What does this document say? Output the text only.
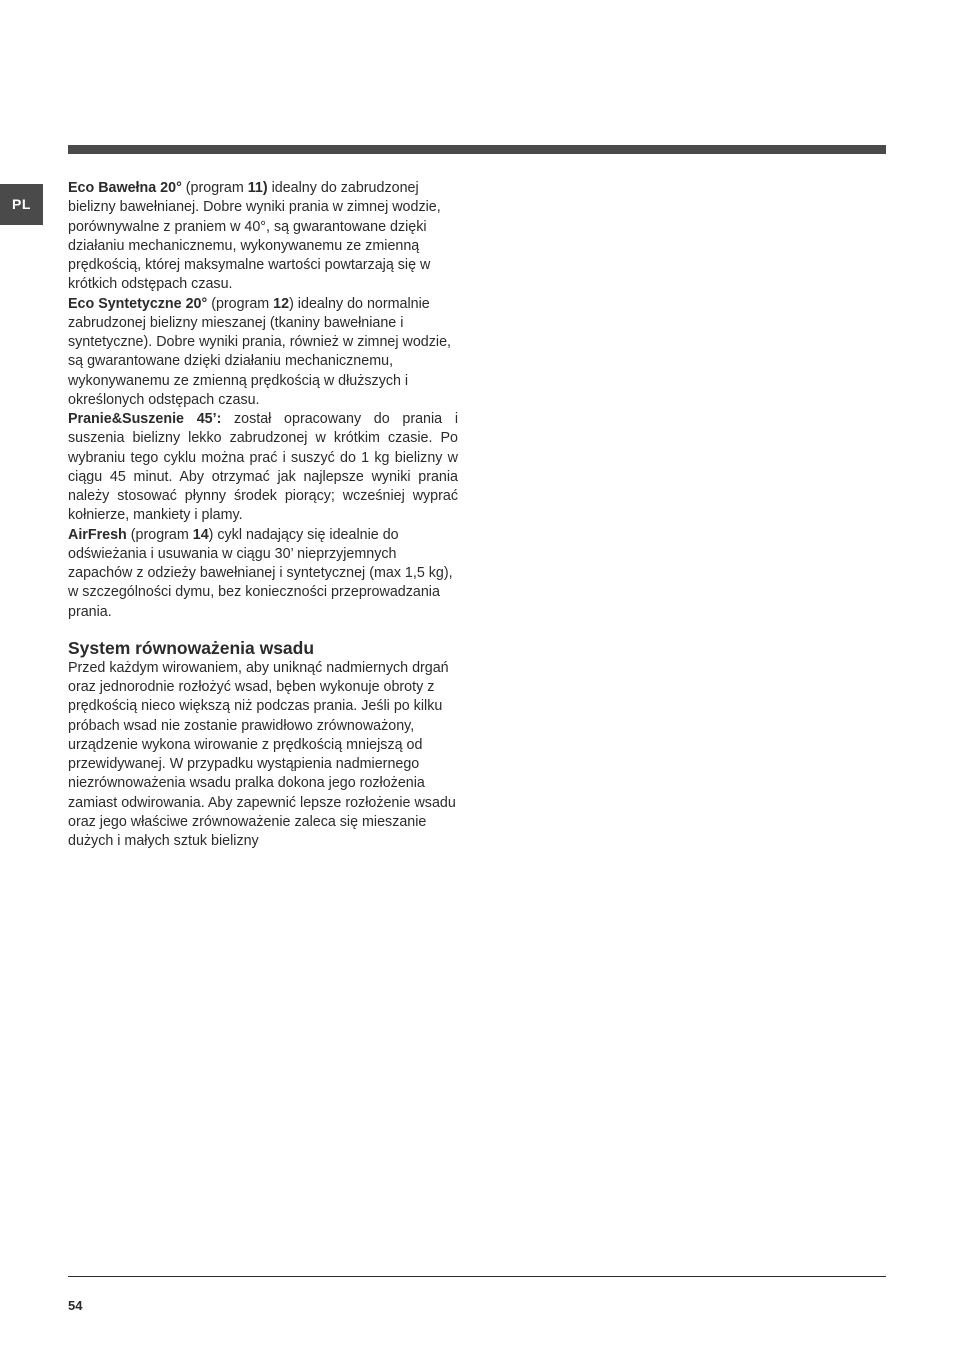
PL

Eco Bawełna 20° (program 11) idealny do zabrudzonej bielizny bawełnianej. Dobre wyniki prania w zimnej wodzie, porównywalne z praniem w 40°, są gwarantowane dzięki działaniu mechanicznemu, wykonywanemu ze zmienną prędkością, której maksymalne wartości powtarzają się w krótkich odstępach czasu.

Eco Syntetyczne 20° (program 12) idealny do normalnie zabrudzonej bielizny mieszanej (tkaniny bawełniane i syntetyczne). Dobre wyniki prania, również w zimnej wodzie, są gwarantowane dzięki działaniu mechanicznemu, wykonywanemu ze zmienną prędkością w dłuższych i określonych odstępach czasu.

Pranie&Suszenie 45’: został opracowany do prania i suszenia bielizny lekko zabrudzonej w krótkim czasie. Po wybraniu tego cyklu można prać i suszyć do 1 kg bielizny w ciągu 45 minut. Aby otrzymać jak najlepsze wyniki prania należy stosować płynny środek piorący; wcześniej wyprać kołnierze, mankiety i plamy.

AirFresh (program 14) cykl nadający się idealnie do odświeżania i usuwania w ciągu 30’ nieprzyjemnych zapachów z odzieży bawełnianej i syntetycznej (max 1,5 kg), w szczególności dymu, bez konieczności przeprowadzania prania.

System równoważenia wsadu

Przed każdym wirowaniem, aby uniknąć nadmiernych drgań oraz jednorodnie rozłożyć wsad, bęben wykonuje obroty z prędkością nieco większą niż podczas prania. Jeśli po kilku próbach wsad nie zostanie prawidłowo zrównoważony, urządzenie wykona wirowanie z prędkością mniejszą od przewidywanej. W przypadku wystąpienia nadmiernego niezrównoważenia wsadu pralka dokona jego rozłożenia zamiast odwirowania. Aby zapewnić lepsze rozłożenie wsadu oraz jego właściwe zrównoważenie zaleca się mieszanie dużych i małych sztuk bielizny

54
